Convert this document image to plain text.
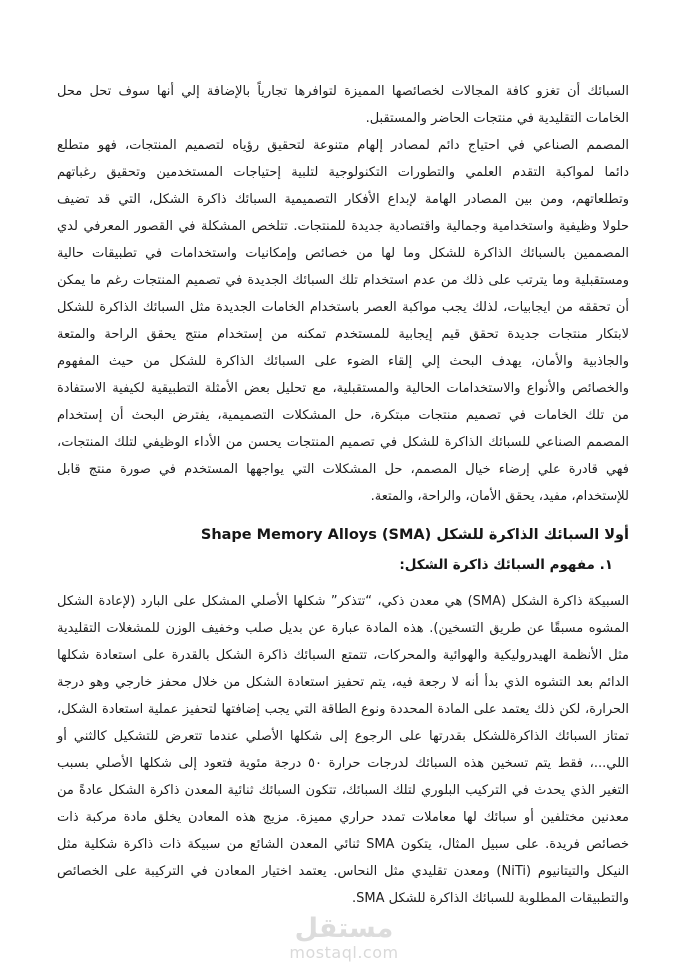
السبائك أن تغزو كافة المجالات لخصائصها المميزة لتوافرها تجارياً بالإضافة إلي أنها سوف تحل محل
الخامات التقليدية في منتجات الحاضر والمستقبل.
المصمم الصناعي في احتياج دائم لمصادر إلهام متنوعة لتحقيق رؤياه لتصميم المنتجات، فهو متطلع
دائما لمواكبة التقدم العلمي والتطورات التكنولوجية لتلبية إحتياجات المستخدمين وتحقيق رغباتهم
وتطلعاتهم، ومن بين المصادر الهامة لإبداع الأفكار التصميمية السبائك ذاكرة الشكل، التي قد تضيف
حلولا وظيفية واستخدامية وجمالية واقتصادية جديدة للمنتجات. تتلخص المشكلة في القصور المعرفي لدي
المصممين بالسبائك الذاكرة للشكل وما لها من خصائص وإمكانيات واستخدامات في تطبيقات حالية
ومستقبلية وما يترتب على ذلك من عدم استخدام تلك السبائك الجديدة في تصميم المنتجات رغم ما يمكن
أن تحققه من ايجابيات، لذلك يجب مواكبة العصر باستخدام الخامات الجديدة مثل السبائك الذاكرة للشكل
لابتكار منتجات جديدة تحقق قيم إيجابية للمستخدم تمكنه من إستخدام منتج يحقق الراحة والمتعة
والجاذبية والأمان، يهدف البحث إلي إلقاء الضوء على السبائك الذاكرة للشكل من حيث المفهوم
والخصائص والأنواع والاستخدامات الحالية والمستقبلية، مع تحليل بعض الأمثلة التطبيقية لكيفية الاستفادة
من تلك الخامات في تصميم منتجات مبتكرة، حل المشكلات التصميمية، يفترض البحث أن إستخدام
المصمم الصناعي للسبائك الذاكرة للشكل في تصميم المنتجات يحسن من الأداء الوظيفي لتلك المنتجات،
فهي قادرة علي إرضاء خيال المصمم، حل المشكلات التي يواجهها المستخدم في صورة منتج قابل
للإستخدام، مفيد، يحقق الأمان، والراحة، والمتعة.
أولا السبائك الذاكرة للشكل Shape Memory Alloys (SMA)
١. مفهوم السبائك ذاكرة الشكل:
السبيكة ذاكرة الشكل (SMA) هي معدن ذكي، “تتذكر” شكلها الأصلي المشكل على البارد (لإعادة الشكل
المشوه مسبقًا عن طريق التسخين). هذه المادة عبارة عن بديل صلب وخفيف الوزن للمشغلات التقليدية
مثل الأنظمة الهيدروليكية والهوائية والمحركات، تتمتع السبائك ذاكرة الشكل بالقدرة على استعادة شكلها
الدائم بعد التشوه الذي بدأ أنه لا رجعة فيه، يتم تحفيز استعادة الشكل من خلال محفز خارجي وهو درجة
الحرارة، لكن ذلك يعتمد على المادة المحددة ونوع الطاقة التي يجب إضافتها لتحفيز عملية استعادة الشكل،
تمتاز السبائك الذاكرةللشكل بقدرتها على الرجوع إلى شكلها الأصلي عندما تتعرض للتشكيل كالثني أو
اللي...، فقط يتم تسخين هذه السبائك لدرجات حرارة ٥٠ درجة مئوية فتعود إلى شكلها الأصلي بسبب
التغير الذي يحدث في التركيب البلوري لتلك السبائك، تتكون السبائك ثنائية المعدن ذاكرة الشكل عادةً من
معدنين مختلفين أو سبائك لها معاملات تمدد حراري مميزة. مزيج هذه المعادن يخلق مادة مركبة ذات
خصائص فريدة. على سبيل المثال، يتكون SMA ثنائي المعدن الشائع من سبيكة ذات ذاكرة شكلية مثل
النيكل والتيتانيوم (NiTi) ومعدن تقليدي مثل النحاس. يعتمد اختيار المعادن في التركيبة على الخصائص
والتطبيقات المطلوبة للسبائك الذاكرة للشكل SMA.
مستقل
mostaql.com
